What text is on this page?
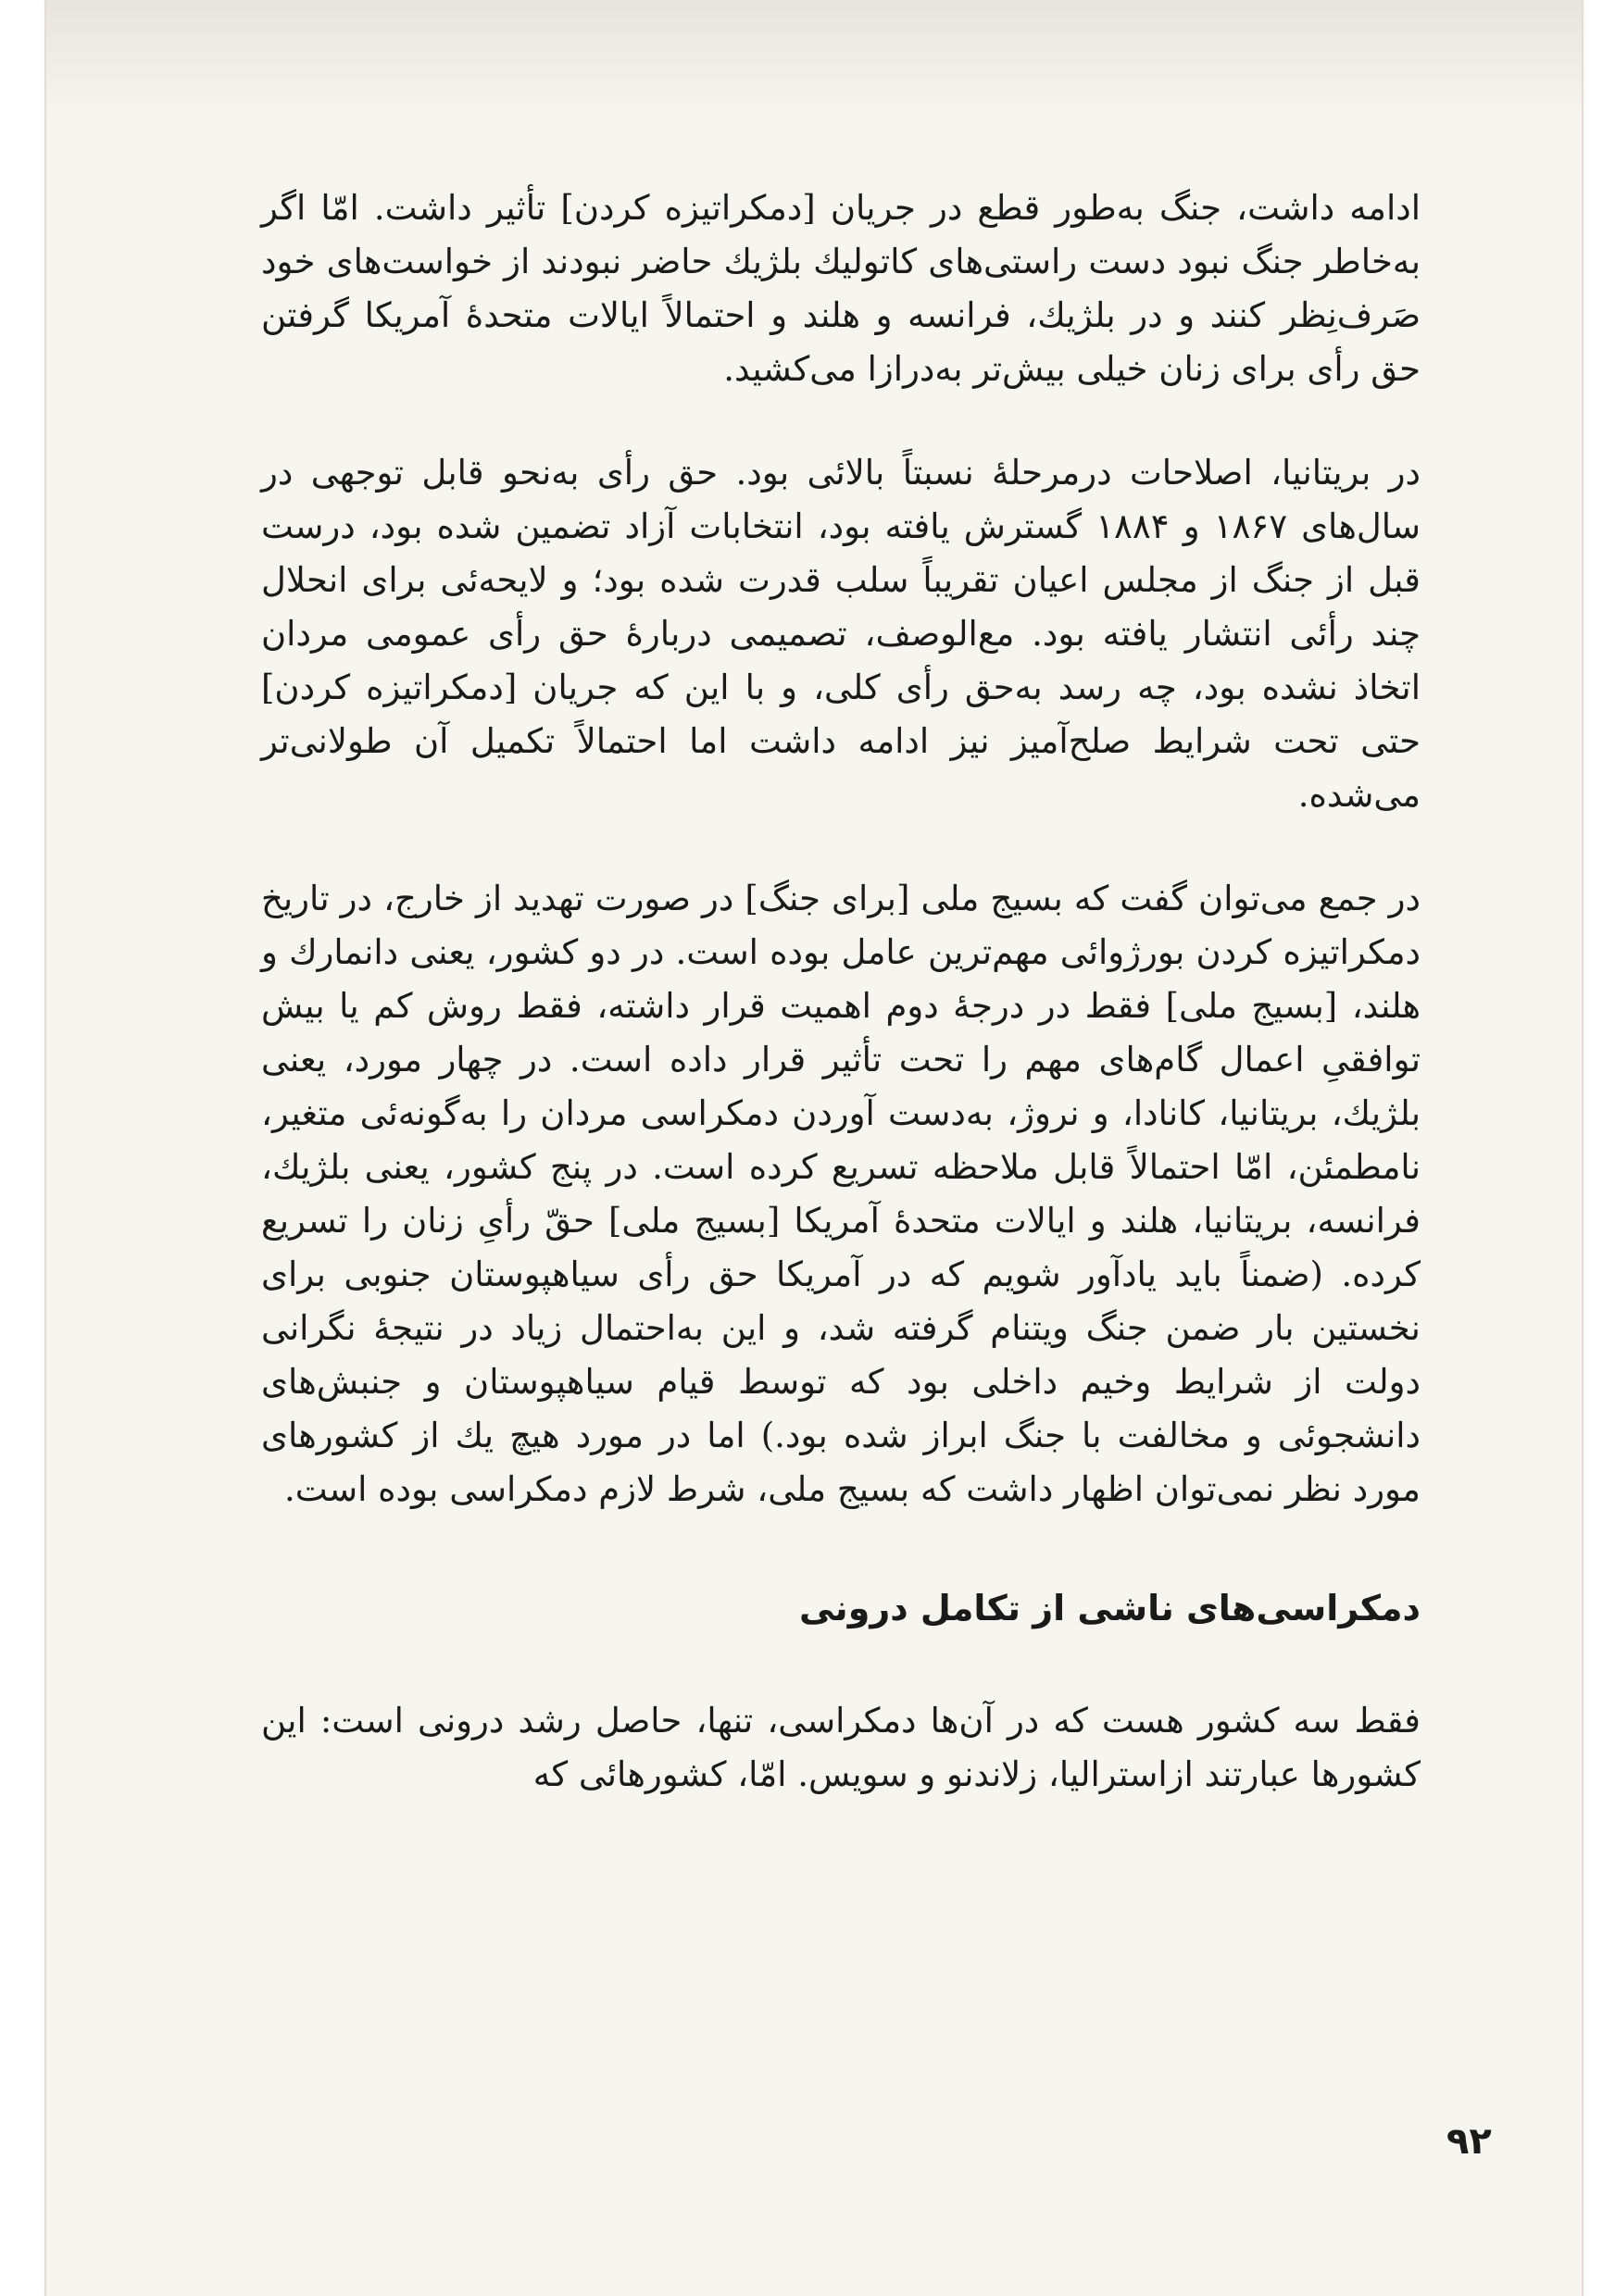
ادامه داشت، جنگ به‌طور قطع در جریان [دمکراتیزه کردن] تأثیر داشت. امّا اگر به‌خاطر جنگ نبود دست راستی‌های کاتولیك بلژيك حاضر نبودند از خواست‌های خود صَرف‌نِظر کنند و در بلژيك، فرانسه و هلند و احتمالاً ایالات متحدهٔ آمریکا گرفتن حق رأی برای زنان خیلی بیش‌تر به‌درازا می‌کشید.

در بریتانیا، اصلاحات درمرحلهٔ نسبتاً بالائی بود. حق رأی به‌نحو قابل توجهی در سال‌های ۱۸۶۷ و ۱۸۸۴ گسترش یافته بود، انتخابات آزاد تضمین شده بود، درست قبل از جنگ از مجلس اعیان تقریباً سلب قدرت شده بود؛ و لایحه‌ئی برای انحلال چند رأئی انتشار یافته بود. مع‌الوصف، تصمیمی دربارهٔ حق رأی عمومی مردان اتخاذ نشده بود، چه رسد به‌حق رأی کلی، و با این که جریان [دمکراتیزه کردن] حتی تحت شرایط صلح‌آمیز نیز ادامه داشت اما احتمالاً تکمیل آن طولانی‌تر می‌شده.

در جمع می‌توان گفت که بسیج ملی [برای جنگ] در صورت تهدید از خارج، در تاریخ دمکراتیزه کردن بورژوائی مهم‌ترین عامل بوده است. در دو کشور، یعنی دانمارك و هلند، [بسیج ملی] فقط در درجهٔ دوم اهمیت قرار داشته، فقط روش کم یا بیش توافقیِ اعمال گام‌های مهم را تحت تأثیر قرار داده است. در چهار مورد، یعنی بلژيك، بریتانیا، کانادا، و نروژ، به‌دست آوردن دمکراسی مردان را به‌گونه‌ئی متغیر، نامطمئن، امّا احتمالاً قابل ملاحظه تسریع کرده است. در پنج کشور، یعنی بلژيك، فرانسه، بریتانیا، هلند و ایالات متحدهٔ آمریکا [بسیج ملی] حقّ رأیِ زنان را تسریع کرده. (ضمناً باید یادآور شویم که در آمریکا حق رأی سیاهپوستان جنوبی برای نخستین بار ضمن جنگ ویتنام گرفته شد، و این به‌احتمال زیاد در نتیجهٔ نگرانی دولت از شرایط وخیم داخلی بود که توسط قیام سیاهپوستان و جنبش‌های دانشجوئی و مخالفت با جنگ ابراز شده بود.) اما در مورد هیچ یك از کشورهای مورد نظر نمی‌توان اظهار داشت که بسیج ملی، شرط لازم دمکراسی بوده است.

دمکراسی‌های ناشی از تکامل درونی

فقط سه کشور هست که در آن‌ها دمکراسی، تنها، حاصل رشد درونی است: این کشورها عبارتند ازاسترالیا، زلاندنو و سویس. امّا، کشورهائی که

۹۲
